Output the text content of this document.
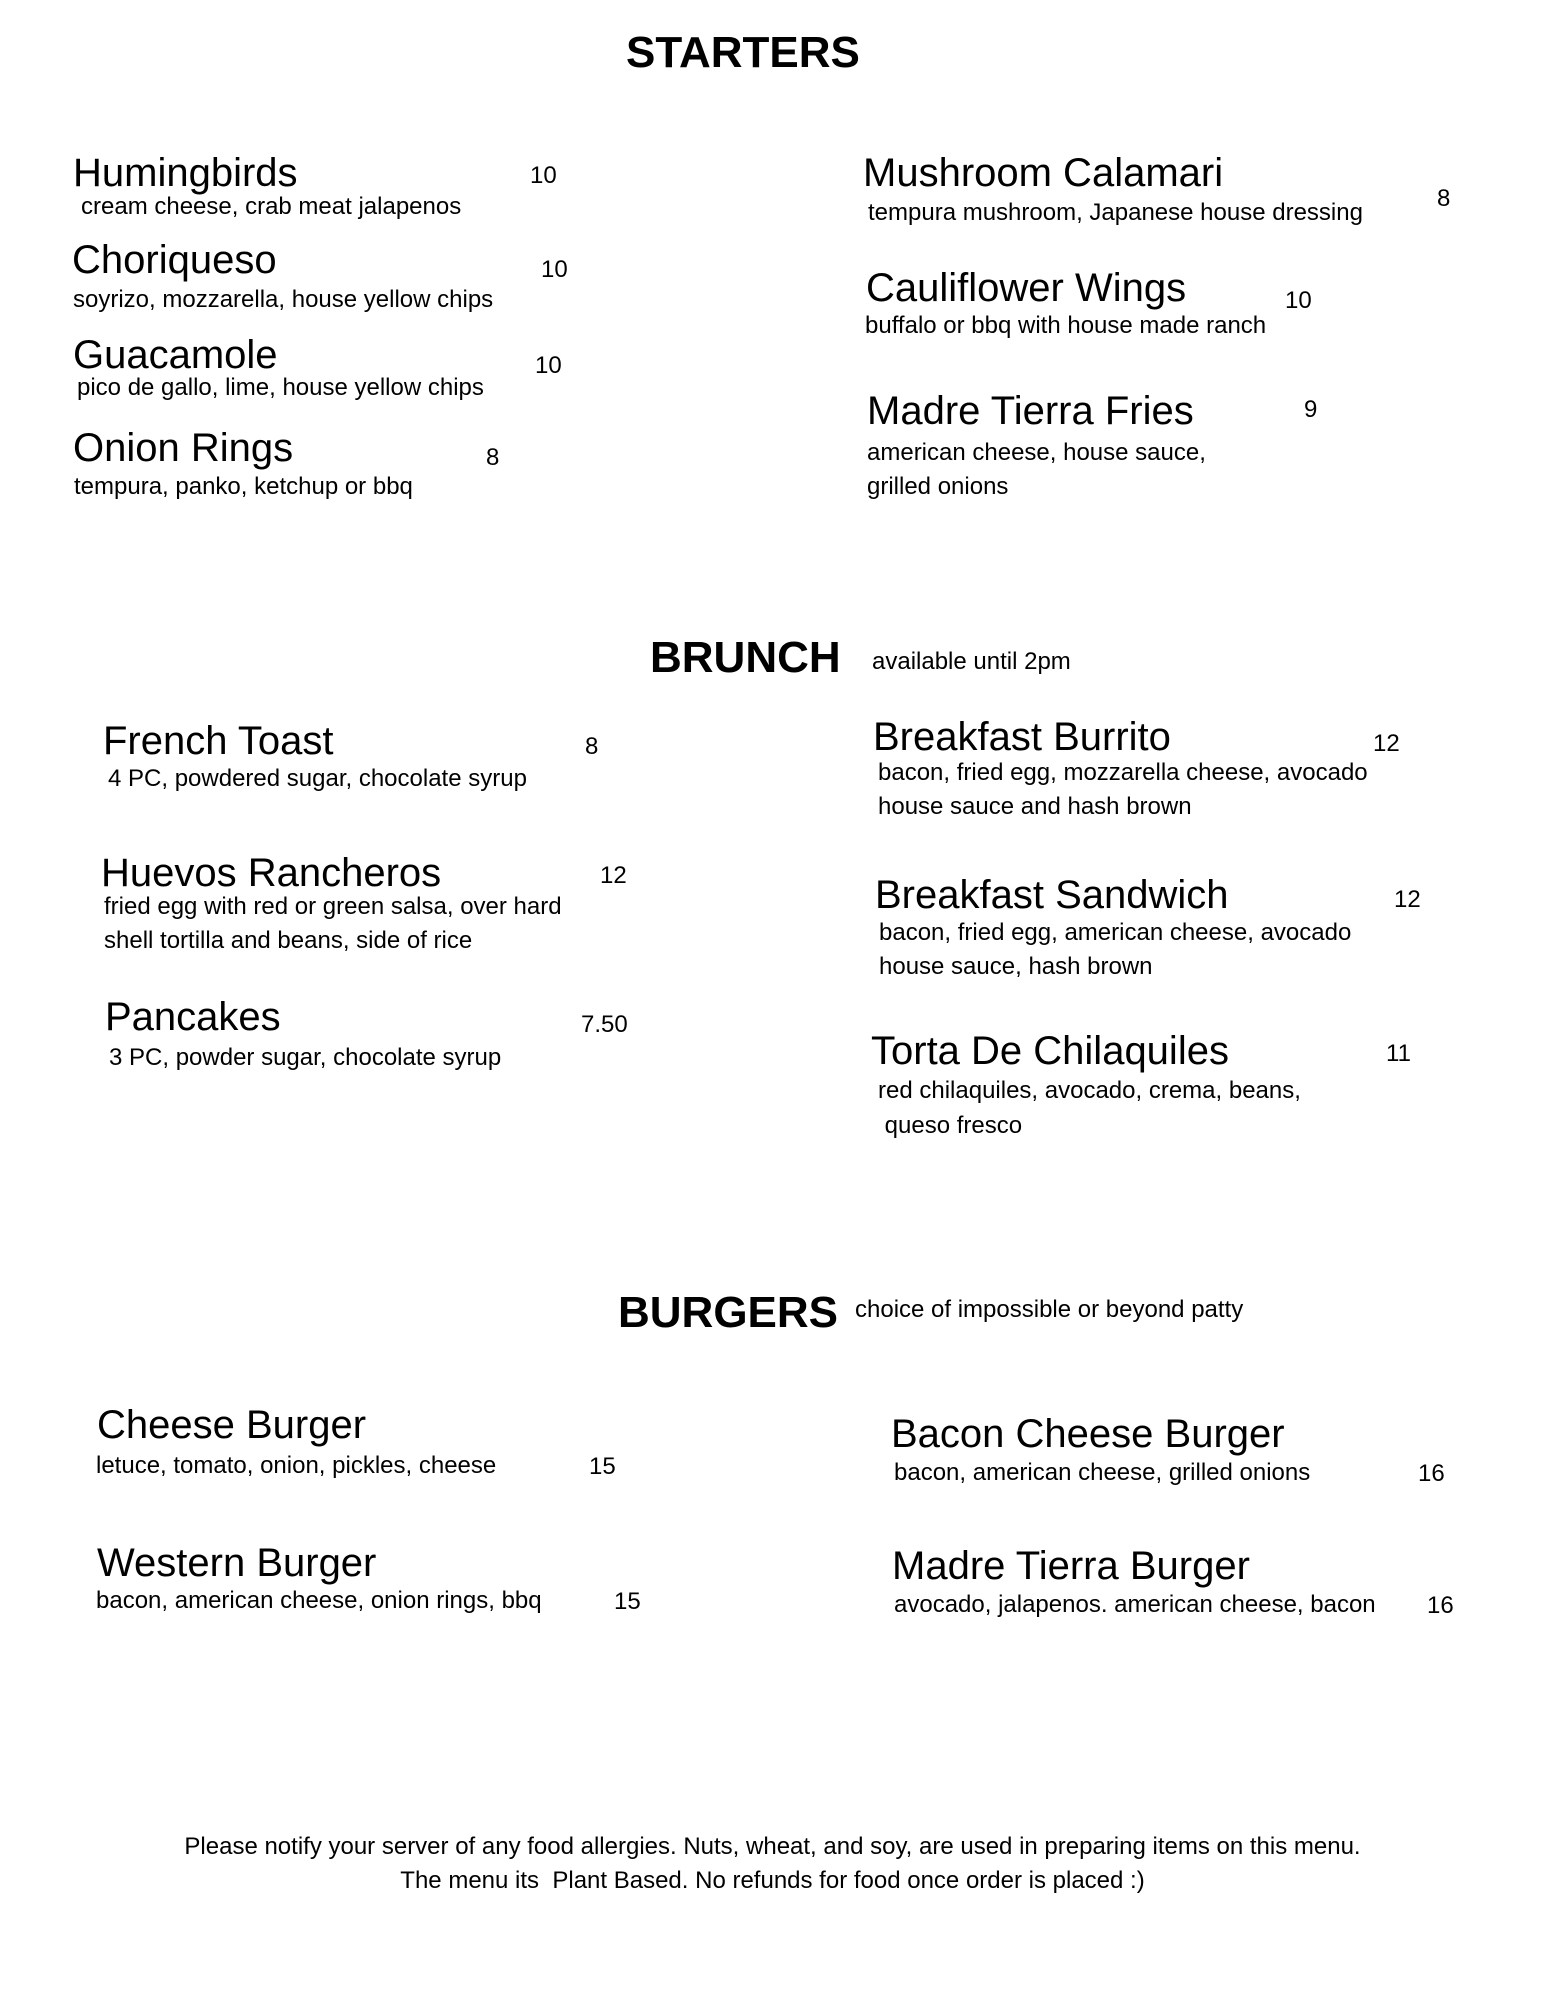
STARTERS
Humingbirds	10
cream cheese, crab meat jalapenos
Choriqueso	10
soyrizo, mozzarella, house yellow chips
Guacamole	10
pico de gallo, lime, house yellow chips
Onion Rings	8
tempura, panko, ketchup or bbq
Mushroom Calamari
8
tempura mushroom, Japanese house dressing
Cauliflower Wings	10
buffalo or bbq with house made ranch
Madre Tierra Fries	9
american cheese, house sauce,
grilled onions
BRUNCH available until 2pm
French Toast	8
4 PC, powdered sugar, chocolate syrup
Huevos Rancheros	12
fried egg with red or green salsa, over hard
shell tortilla and beans, side of rice
Pancakes	7.50
3 PC, powder sugar, chocolate syrup
Breakfast Burrito	12
bacon, fried egg, mozzarella cheese, avocado
house sauce and hash brown
Breakfast Sandwich	12
bacon, fried egg, american cheese, avocado
house sauce, hash brown
Torta De Chilaquiles	11
red chilaquiles, avocado, crema, beans,
queso fresco
BURGERS choice of impossible or beyond patty
Cheese Burger
letuce, tomato, onion, pickles, cheese	15
Western Burger
bacon, american cheese, onion rings, bbq	15
Bacon Cheese Burger
bacon, american cheese, grilled onions	16
Madre Tierra Burger
avocado, jalapenos. american cheese, bacon 16
Please notify your server of any food allergies. Nuts, wheat, and soy, are used in preparing items on this menu.
The menu its  Plant Based. No refunds for food once order is placed :)
